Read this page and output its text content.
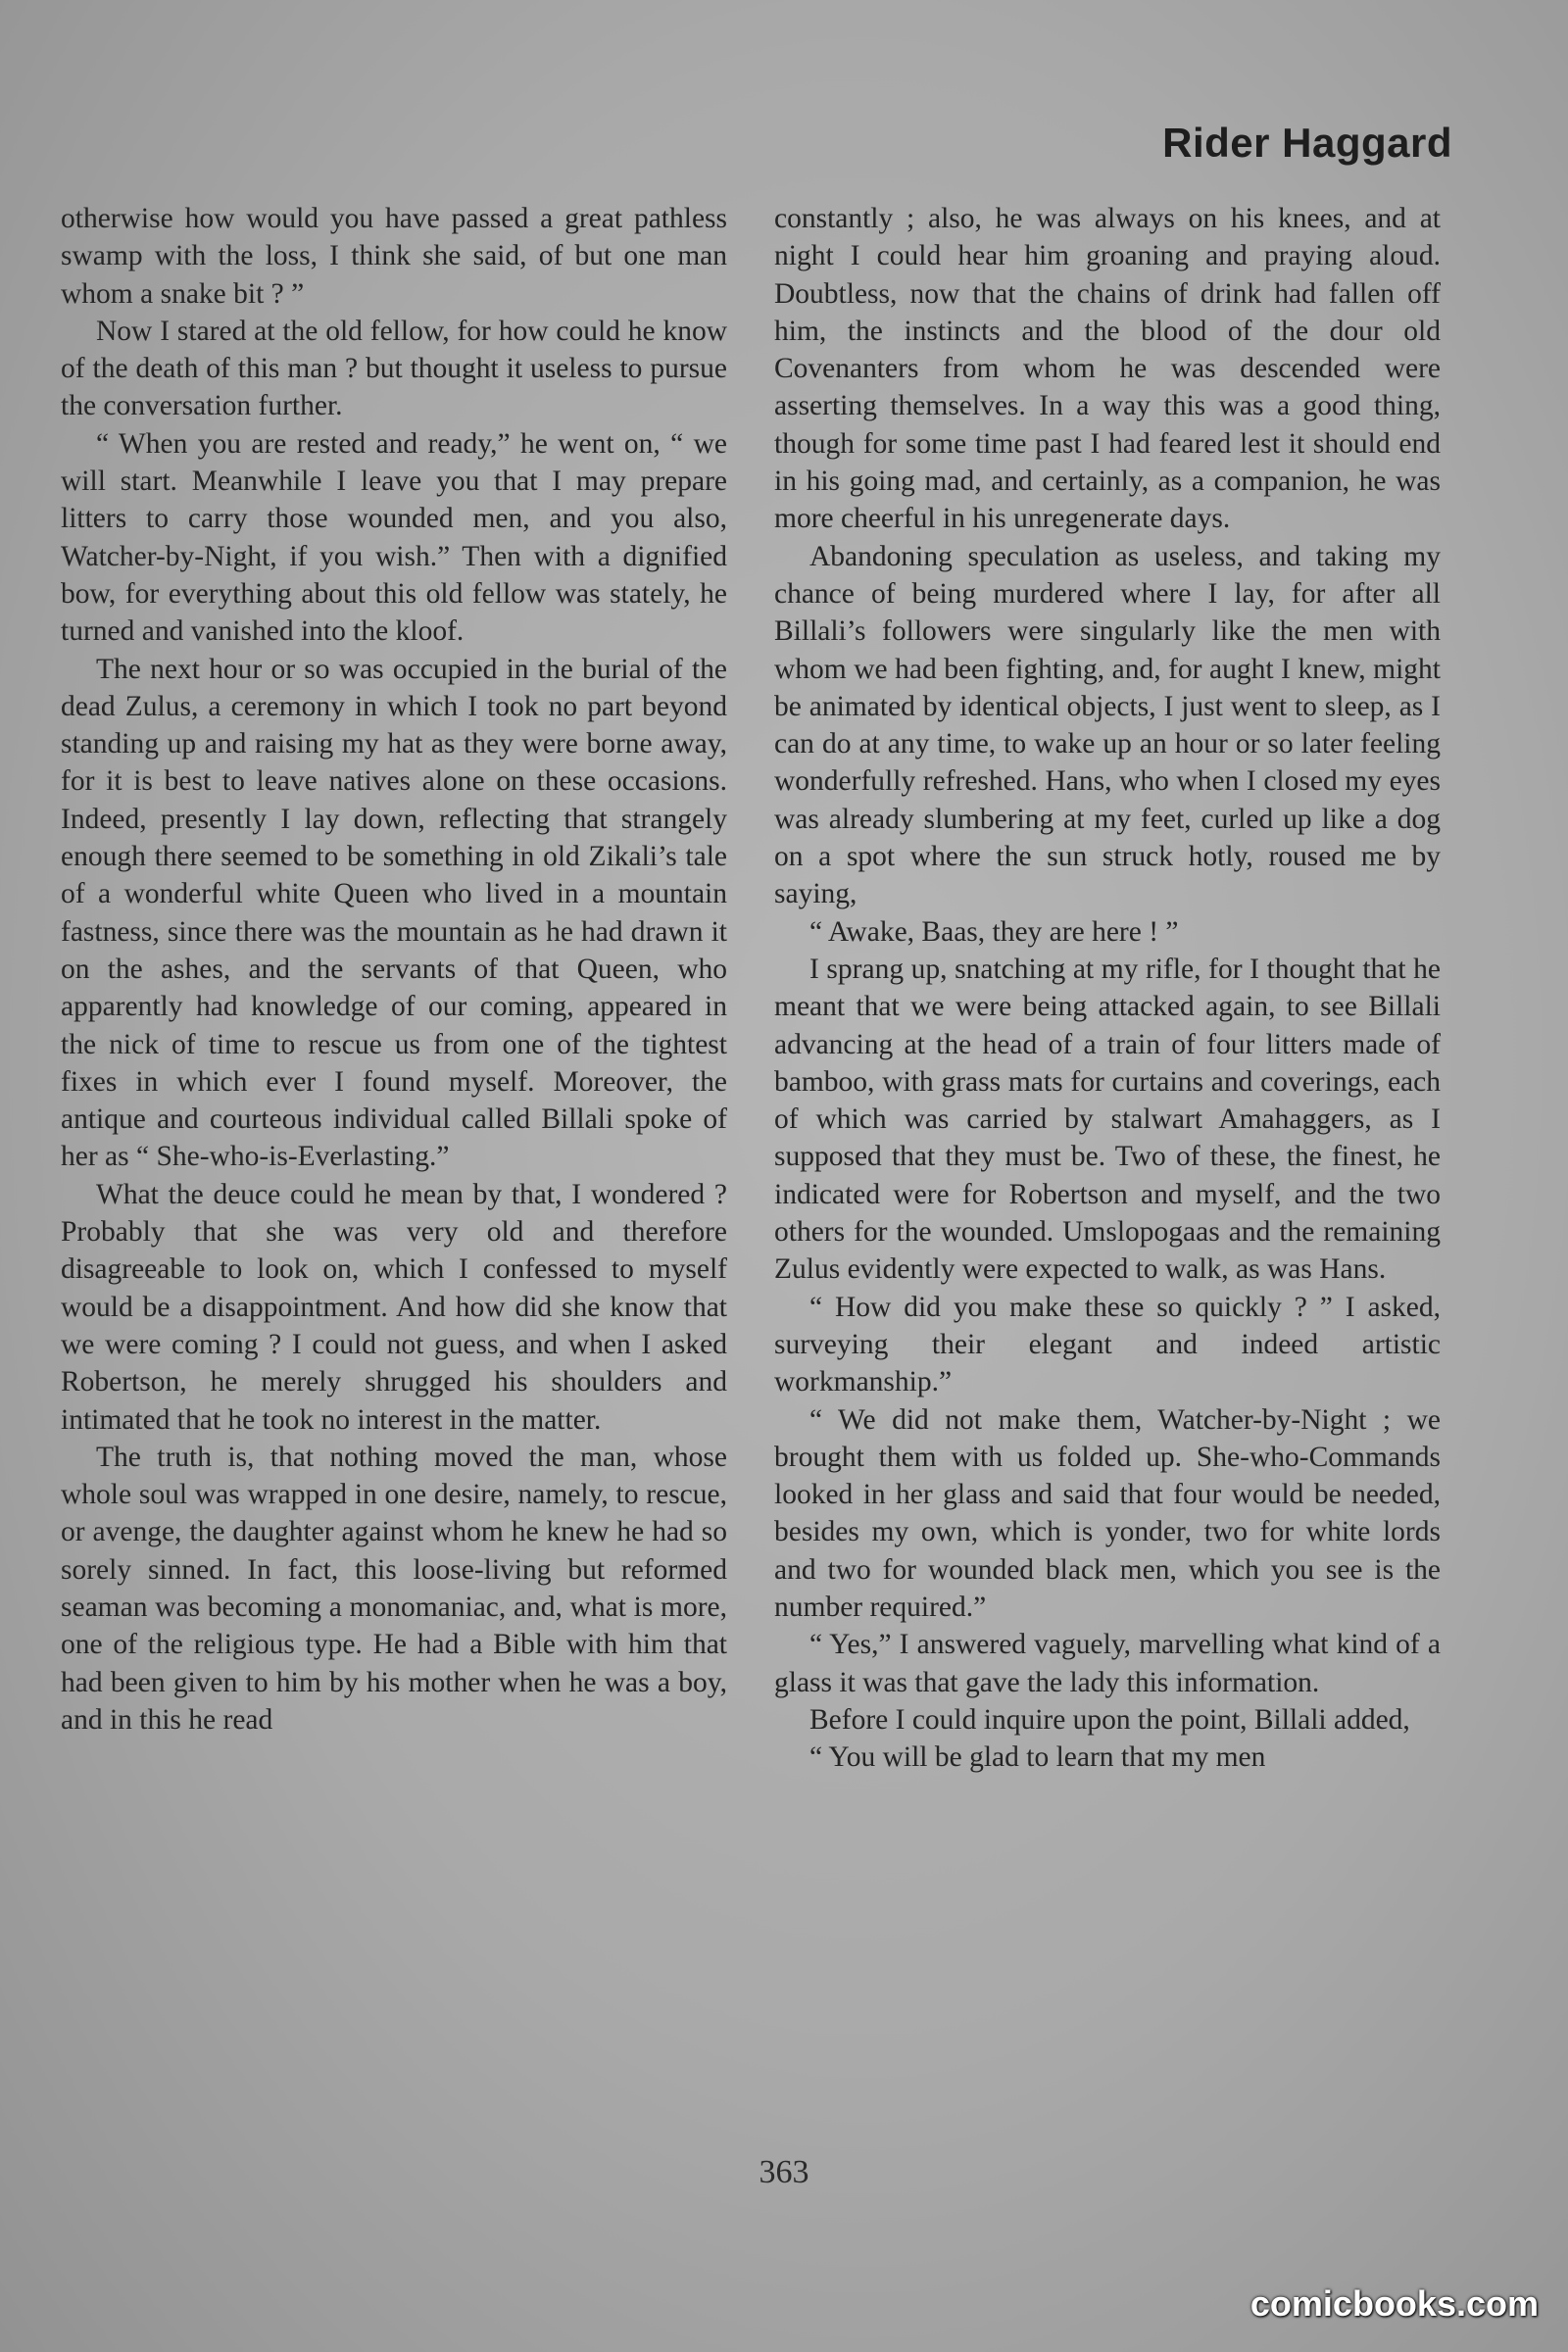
Rider Haggard

otherwise how would you have passed a great pathless swamp with the loss, I think she said, of but one man whom a snake bit ? ”

Now I stared at the old fellow, for how could he know of the death of this man ? but thought it useless to pursue the conversation further.

“ When you are rested and ready,” he went on, “ we will start. Meanwhile I leave you that I may prepare litters to carry those wounded men, and you also, Watcher-by-Night, if you wish.” Then with a dignified bow, for everything about this old fellow was stately, he turned and vanished into the kloof.

The next hour or so was occupied in the burial of the dead Zulus, a ceremony in which I took no part beyond standing up and raising my hat as they were borne away, for it is best to leave natives alone on these occasions. Indeed, presently I lay down, reflecting that strangely enough there seemed to be something in old Zikali’s tale of a wonderful white Queen who lived in a mountain fastness, since there was the mountain as he had drawn it on the ashes, and the servants of that Queen, who apparently had knowledge of our coming, appeared in the nick of time to rescue us from one of the tightest fixes in which ever I found myself. Moreover, the antique and courteous individual called Billali spoke of her as “ She-who-is-Everlasting.”

What the deuce could he mean by that, I wondered ? Probably that she was very old and therefore disagreeable to look on, which I confessed to myself would be a disappointment. And how did she know that we were coming ? I could not guess, and when I asked Robertson, he merely shrugged his shoulders and intimated that he took no interest in the matter.

The truth is, that nothing moved the man, whose whole soul was wrapped in one desire, namely, to rescue, or avenge, the daughter against whom he knew he had so sorely sinned. In fact, this loose-living but reformed seaman was becoming a monomaniac, and, what is more, one of the religious type. He had a Bible with him that had been given to him by his mother when he was a boy, and in this he read

constantly ; also, he was always on his knees, and at night I could hear him groaning and praying aloud. Doubtless, now that the chains of drink had fallen off him, the instincts and the blood of the dour old Covenanters from whom he was descended were asserting themselves. In a way this was a good thing, though for some time past I had feared lest it should end in his going mad, and certainly, as a companion, he was more cheerful in his unregenerate days.

Abandoning speculation as useless, and taking my chance of being murdered where I lay, for after all Billali’s followers were singularly like the men with whom we had been fighting, and, for aught I knew, might be animated by identical objects, I just went to sleep, as I can do at any time, to wake up an hour or so later feeling wonderfully refreshed. Hans, who when I closed my eyes was already slumbering at my feet, curled up like a dog on a spot where the sun struck hotly, roused me by saying,

“ Awake, Baas, they are here ! ”

I sprang up, snatching at my rifle, for I thought that he meant that we were being attacked again, to see Billali advancing at the head of a train of four litters made of bamboo, with grass mats for curtains and coverings, each of which was carried by stalwart Amahaggers, as I supposed that they must be. Two of these, the finest, he indicated were for Robertson and myself, and the two others for the wounded. Umslopogaas and the remaining Zulus evidently were expected to walk, as was Hans.

“ How did you make these so quickly ? ” I asked, surveying their elegant and indeed artistic workmanship.”

“ We did not make them, Watcher-by-Night ; we brought them with us folded up. She-who-Commands looked in her glass and said that four would be needed, besides my own, which is yonder, two for white lords and two for wounded black men, which you see is the number required.”

“ Yes,” I answered vaguely, marvelling what kind of a glass it was that gave the lady this information.

Before I could inquire upon the point, Billali added,

“ You will be glad to learn that my men

363
comicbooks.com
